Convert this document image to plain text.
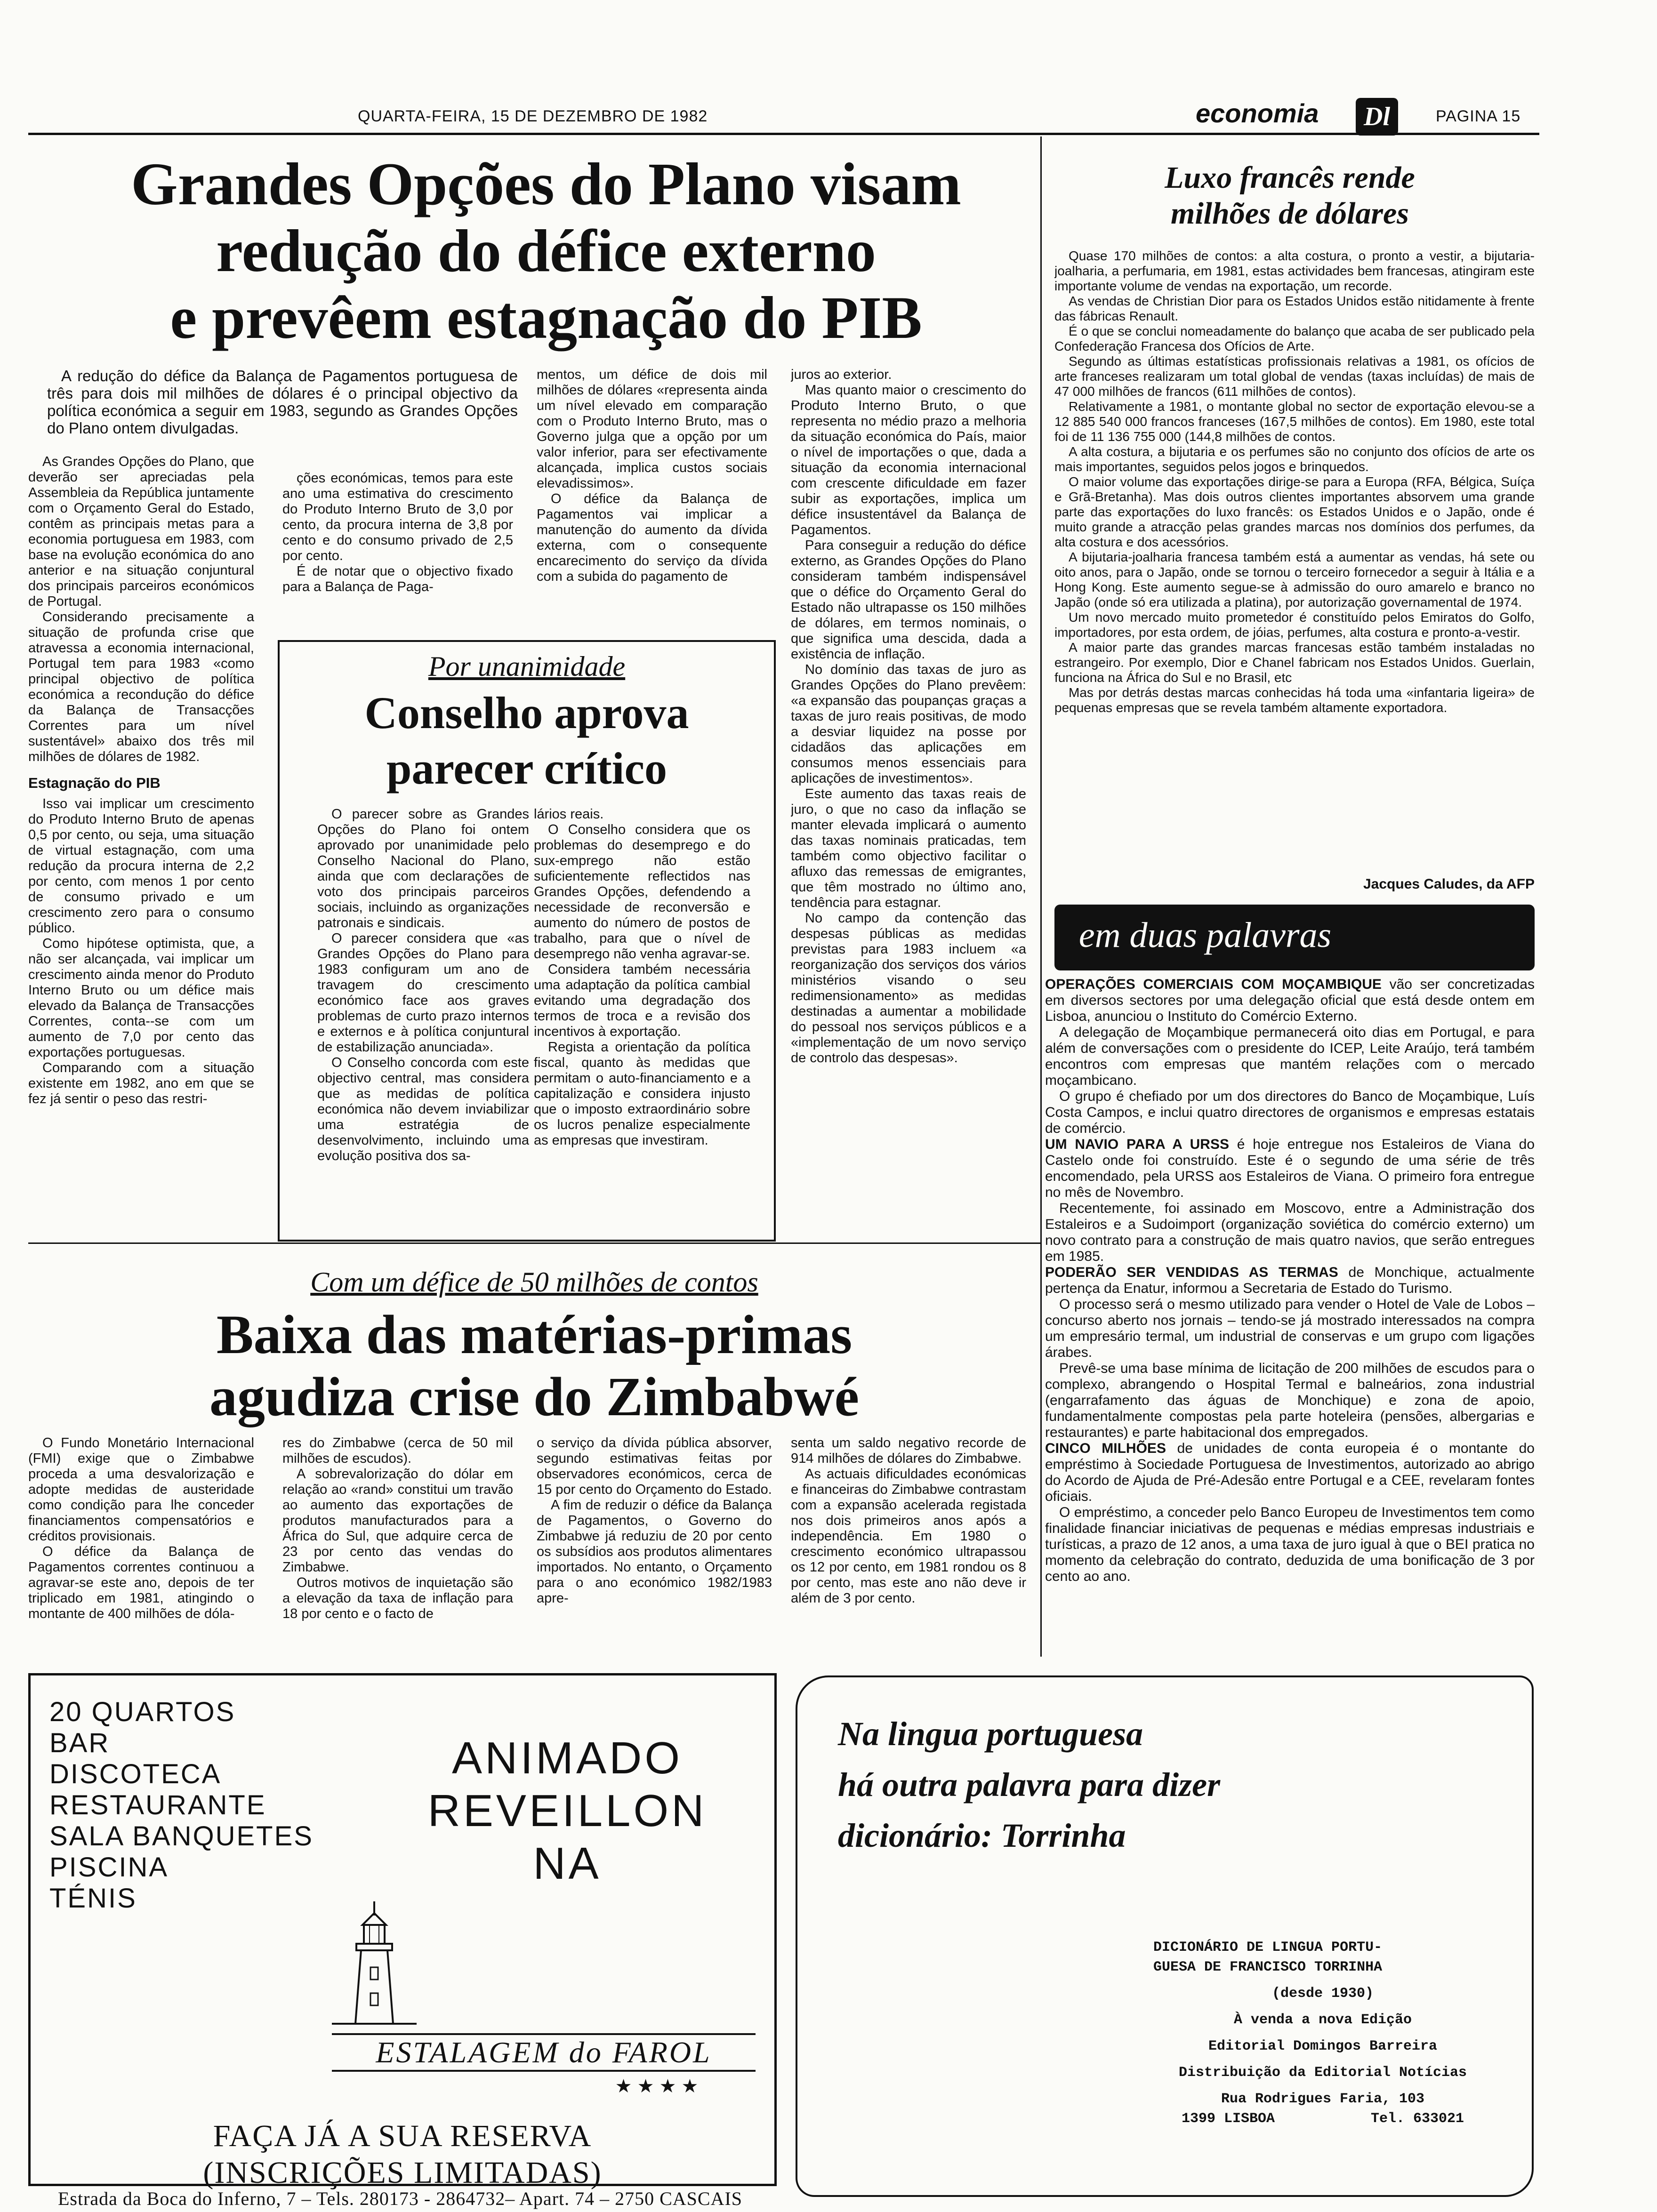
QUARTA-FEIRA, 15 DE DEZEMBRO DE 1982	economia	Dl	PAGINA 15
Grandes Opções do Plano visam
redução do défice externo
e prevêem estagnação do PIB

A redução do défice da Balança de Pagamentos portuguesa de três para dois mil milhões de dólares é o principal objectivo da política económica a seguir em 1983, segundo as Grandes Opções do Plano ontem divulgadas.

As Grandes Opções do Plano, que deverão ser apreciadas pela Assembleia da República juntamente com o Orçamento Geral do Estado, contêm as principais metas para a economia portuguesa em 1983, com base na evolução económica do ano anterior e na situação conjuntural dos principais parceiros económicos de Portugal.

Considerando precisamente a situação de profunda crise que atravessa a economia internacional, Portugal tem para 1983 «como principal objectivo de política económica a recondução do défice da Balança de Transacções Correntes para um nível sustentável» abaixo dos três mil milhões de dólares de 1982.

Estagnação do PIB

Isso vai implicar um crescimento do Produto Interno Bruto de apenas 0,5 por cento, ou seja, uma situação de virtual estagnação, com uma redução da procura interna de 2,2 por cento, com menos 1 por cento de consumo privado e um crescimento zero para o consumo público.

Como hipótese optimista, que, a não ser alcançada, vai implicar um crescimento ainda menor do Produto Interno Bruto ou um défice mais elevado da Balança de Transacções Correntes, conta--se com um aumento de 7,0 por cento das exportações portuguesas.

Comparando com a situação existente em 1982, ano em que se fez já sentir o peso das restri-

ções económicas, temos para este ano uma estimativa do crescimento do Produto Interno Bruto de 3,0 por cento, da procura interna de 3,8 por cento e do consumo privado de 2,5 por cento.

É de notar que o objectivo fixado para a Balança de Paga-

mentos, um défice de dois mil milhões de dólares «representa ainda um nível elevado em comparação com o Produto Interno Bruto, mas o Governo julga que a opção por um valor inferior, para ser efectivamente alcançada, implica custos sociais elevadissimos».

O défice da Balança de Pagamentos vai implicar a manutenção do aumento da dívida externa, com o consequente encarecimento do serviço da dívida com a subida do pagamento de

juros ao exterior.

Mas quanto maior o crescimento do Produto Interno Bruto, o que representa no médio prazo a melhoria da situação económica do País, maior o nível de importações o que, dada a situação da economia internacional com crescente dificuldade em fazer subir as exportações, implica um défice insustentável da Balança de Pagamentos.

Para conseguir a redução do défice externo, as Grandes Opções do Plano consideram também indispensável que o défice do Orçamento Geral do Estado não ultrapasse os 150 milhões de dólares, em termos nominais, o que significa uma descida, dada a existência de inflação.

No domínio das taxas de juro as Grandes Opções do Plano prevêem: «a expansão das poupanças graças a taxas de juro reais positivas, de modo a desviar liquidez na posse por cidadãos das aplicações em consumos menos essenciais para aplicações de investimentos».

Este aumento das taxas reais de juro, o que no caso da inflação se manter elevada implicará o aumento das taxas nominais praticadas, tem também como objectivo facilitar o afluxo das remessas de emigrantes, que têm mostrado no último ano, tendência para estagnar.

No campo da contenção das despesas públicas as medidas previstas para 1983 incluem «a reorganização dos serviços dos vários ministérios visando o seu redimensionamento» as medidas destinadas a aumentar a mobilidade do pessoal nos serviços públicos e a «implementação de um novo serviço de controlo das despesas».

Por unanimidade
Conselho aprova
parecer crítico

O parecer sobre as Grandes Opções do Plano foi ontem aprovado por unanimidade pelo Conselho Nacional do Plano, ainda que com declarações de voto dos principais parceiros sociais, incluindo as organizações patronais e sindicais.

O parecer considera que «as Grandes Opções do Plano para 1983 configuram um ano de travagem do crescimento económico face aos graves problemas de curto prazo internos e externos e à política conjuntural de estabilização anunciada».

O Conselho concorda com este objectivo central, mas considera que as medidas de política económica não devem inviabilizar uma estratégia de desenvolvimento, incluindo uma evolução positiva dos sa-

lários reais.

O Conselho considera que os problemas do desemprego e do sux-emprego não estão suficientemente reflectidos nas Grandes Opções, defendendo a necessidade de reconversão e aumento do número de postos de trabalho, para que o nível de desemprego não venha agravar-se.

Considera também necessária uma adaptação da política cambial evitando uma degradação dos termos de troca e a revisão dos incentivos à exportação.

Regista a orientação da política fiscal, quanto às medidas que permitam o auto-financiamento e a capitalização e considera injusto que o imposto extraordinário sobre os lucros penalize especialmente as empresas que investiram.

Luxo francês rende
milhões de dólares

Quase 170 milhões de contos: a alta costura, o pronto a vestir, a bijutaria-joalharia, a perfumaria, em 1981, estas actividades bem francesas, atingiram este importante volume de vendas na exportação, um recorde.

As vendas de Christian Dior para os Estados Unidos estão nitidamente à frente das fábricas Renault.

É o que se conclui nomeadamente do balanço que acaba de ser publicado pela Confederação Francesa dos Ofícios de Arte.

Segundo as últimas estatísticas profissionais relativas a 1981, os ofícios de arte franceses realizaram um total global de vendas (taxas incluídas) de mais de 47 000 milhões de francos (611 milhões de contos).

Relativamente a 1981, o montante global no sector de exportação elevou-se a 12 885 540 000 francos franceses (167,5 milhões de contos). Em 1980, este total foi de 11 136 755 000 (144,8 milhões de contos.

A alta costura, a bijutaria e os perfumes são no conjunto dos ofícios de arte os mais importantes, seguidos pelos jogos e brinquedos.

O maior volume das exportações dirige-se para a Europa (RFA, Bélgica, Suíça e Grã-Bretanha). Mas dois outros clientes importantes absorvem uma grande parte das exportações do luxo francês: os Estados Unidos e o Japão, onde é muito grande a atracção pelas grandes marcas nos domínios dos perfumes, da alta costura e dos acessórios.

A bijutaria-joalharia francesa também está a aumentar as vendas, há sete ou oito anos, para o Japão, onde se tornou o terceiro fornecedor a seguir à Itália e a Hong Kong. Este aumento segue-se à admissão do ouro amarelo e branco no Japão (onde só era utilizada a platina), por autorização governamental de 1974.

Um novo mercado muito prometedor é constituído pelos Emiratos do Golfo, importadores, por esta ordem, de jóias, perfumes, alta costura e pronto-a-vestir.

A maior parte das grandes marcas francesas estão também instaladas no estrangeiro. Por exemplo, Dior e Chanel fabricam nos Estados Unidos. Guerlain, funciona na África do Sul e no Brasil, etc

Mas por detrás destas marcas conhecidas há toda uma «infantaria ligeira» de pequenas empresas que se revela também altamente exportadora.

Jacques Caludes, da AFP
em duas palavras

OPERAÇÕES COMERCIAIS COM MOÇAMBIQUE vão ser concretizadas em diversos sectores por uma delegação oficial que está desde ontem em Lisboa, anunciou o Instituto do Comércio Externo.

A delegação de Moçambique permanecerá oito dias em Portugal, e para além de conversações com o presidente do ICEP, Leite Araújo, terá também encontros com empresas que mantém relações com o mercado moçambicano.

O grupo é chefiado por um dos directores do Banco de Moçambique, Luís Costa Campos, e inclui quatro directores de organismos e empresas estatais de comércio.

UM NAVIO PARA A URSS é hoje entregue nos Estaleiros de Viana do Castelo onde foi construído. Este é o segundo de uma série de três encomendado, pela URSS aos Estaleiros de Viana. O primeiro fora entregue no mês de Novembro.

Recentemente, foi assinado em Moscovo, entre a Administração dos Estaleiros e a Sudoimport (organização soviética do comércio externo) um novo contrato para a construção de mais quatro navios, que serão entregues em 1985.

PODERÃO SER VENDIDAS AS TERMAS de Monchique, actualmente pertença da Enatur, informou a Secretaria de Estado do Turismo.

O processo será o mesmo utilizado para vender o Hotel de Vale de Lobos – concurso aberto nos jornais – tendo-se já mostrado interessados na compra um empresário termal, um industrial de conservas e um grupo com ligações árabes.

Prevê-se uma base mínima de licitação de 200 milhões de escudos para o complexo, abrangendo o Hospital Termal e balneários, zona industrial (engarrafamento das águas de Monchique) e zona de apoio, fundamentalmente compostas pela parte hoteleira (pensões, albergarias e restaurantes) e parte habitacional dos empregados.

CINCO MILHÕES de unidades de conta europeia é o montante do empréstimo à Sociedade Portuguesa de Investimentos, autorizado ao abrigo do Acordo de Ajuda de Pré-Adesão entre Portugal e a CEE, revelaram fontes oficiais.

O empréstimo, a conceder pelo Banco Europeu de Investimentos tem como finalidade financiar iniciativas de pequenas e médias empresas industriais e turísticas, a prazo de 12 anos, a uma taxa de juro igual à que o BEI pratica no momento da celebração do contrato, deduzida de uma bonificação de 3 por cento ao ano.

Com um défice de 50 milhões de contos
Baixa das matérias-primas
agudiza crise do Zimbabwé

O Fundo Monetário Internacional (FMI) exige que o Zimbabwe proceda a uma desvalorização e adopte medidas de austeridade como condição para lhe conceder financiamentos compensatórios e créditos provisionais.

O défice da Balança de Pagamentos correntes continuou a agravar-se este ano, depois de ter triplicado em 1981, atingindo o montante de 400 milhões de dóla-

res do Zimbabwe (cerca de 50 mil milhões de escudos).

A sobrevalorização do dólar em relação ao «rand» constitui um travão ao aumento das exportações de produtos manufacturados para a África do Sul, que adquire cerca de 23 por cento das vendas do Zimbabwe.

Outros motivos de inquietação são a elevação da taxa de inflação para 18 por cento e o facto de

o serviço da dívida pública absorver, segundo estimativas feitas por observadores económicos, cerca de 15 por cento do Orçamento do Estado.

A fim de reduzir o défice da Balança de Pagamentos, o Governo do Zimbabwe já reduziu de 20 por cento os subsídios aos produtos alimentares importados. No entanto, o Orçamento para o ano económico 1982/1983 apre-

senta um saldo negativo recorde de 914 milhões de dólares do Zimbabwe.

As actuais dificuldades económicas e financeiras do Zimbabwe contrastam com a expansão acelerada registada nos dois primeiros anos após a independência. Em 1980 o crescimento económico ultrapassou os 12 por cento, em 1981 rondou os 8 por cento, mas este ano não deve ir além de 3 por cento.

20 QUARTOS
BAR
DISCOTECA
RESTAURANTE
SALA BANQUETES
PISCINA
TÉNIS
ANIMADO
REVEILLON
NA
ESTALAGEM do FAROL
★ ★ ★ ★
FAÇA JÁ A SUA RESERVA
(INSCRIÇÕES LIMITADAS)
Estrada da Boca do Inferno, 7 – Tels. 280173 - 2864732– Apart. 74 – 2750 CASCAIS
Na lingua portuguesa
há outra palavra para dizer
dicionário: Torrinha
DICIONÁRIO DE LINGUA PORTU-
GUESA DE FRANCISCO TORRINHA
(desde 1930)
À venda a nova Edição
Editorial Domingos Barreira
Distribuição da Editorial Notícias
Rua Rodrigues Faria, 103
1399 LISBOA	Tel. 633021
